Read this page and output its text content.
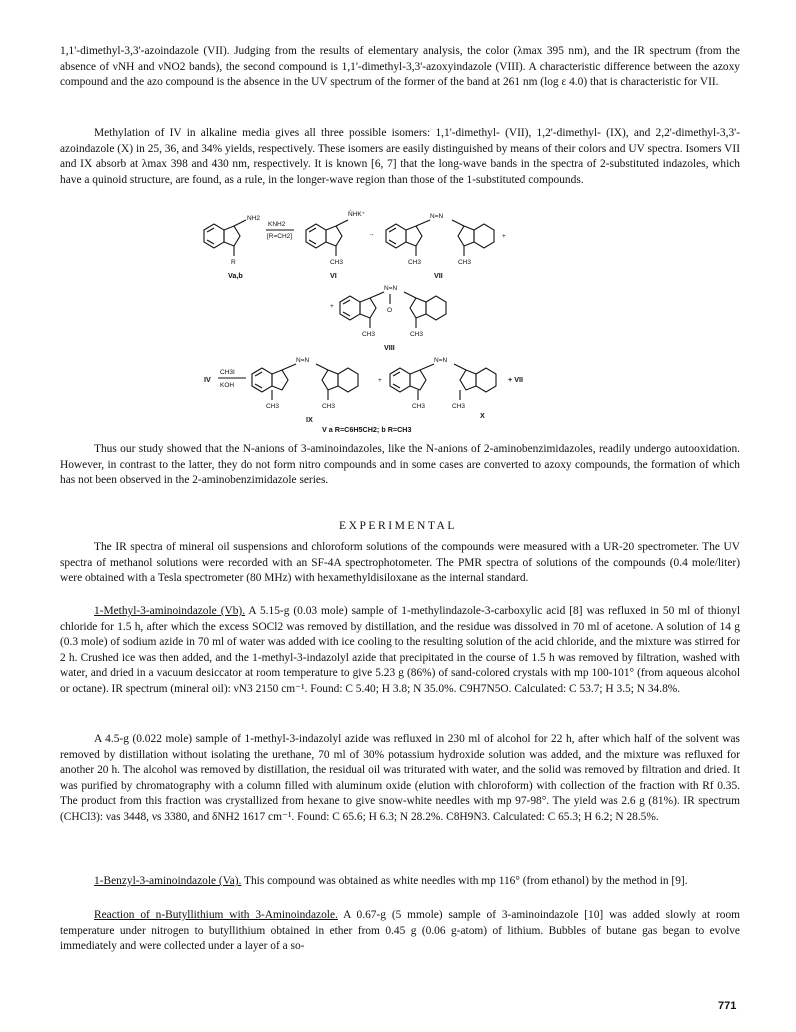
1,1'-dimethyl-3,3'-azoindazole (VII). Judging from the results of elementary analysis, the color (λmax 395 nm), and the IR spectrum (from the absence of νNH and νNO2 bands), the second compound is 1,1'-dimethyl-3,3'-azoxyindazole (VIII). A characteristic difference between the azoxy compound and the azo compound is the absence in the UV spectrum of the former of the band at 261 nm (log ε 4.0) that is characteristic for VII.

Methylation of IV in alkaline media gives all three possible isomers: 1,1'-dimethyl- (VII), 1,2'-dimethyl- (IX), and 2,2'-dimethyl-3,3'-azoindazole (X) in 25, 36, and 34% yields, respectively. These isomers are easily distinguished by means of their colors and UV spectra. Isomers VII and IX absorb at λmax 398 and 430 nm, respectively. It is known [6, 7] that the long-wave bands in the spectra of 2-substituted indazoles, which have a quinoid structure, are found, as a rule, in the longer-wave region than those of the 1-substituted compounds.

NH2
R
Va,b
KNH2
[R=CH2]
N̄HK⁺
CH3
VI
→
N=N
CH3	CH3
+
VII
+
N=N
O
CH3	CH3
VIII
IV
CH3I
KOH
N=N
CH3	CH3
IX
+
N=N
CH3	CH3
X
+ VII
V a R=C6H5CH2; b R=CH3

Thus our study showed that the N-anions of 3-aminoindazoles, like the N-anions of 2-aminobenzimidazoles, readily undergo autooxidation. However, in contrast to the latter, they do not form nitro compounds and in some cases are converted to azoxy compounds, the formation of which has not been observed in the 2-aminobenzimidazole series.

EXPERIMENTAL

The IR spectra of mineral oil suspensions and chloroform solutions of the compounds were measured with a UR-20 spectrometer. The UV spectra of methanol solutions were recorded with an SF-4A spectrophotometer. The PMR spectra of solutions of the compounds (0.4 mole/liter) were obtained with a Tesla spectrometer (80 MHz) with hexamethyldisiloxane as the internal standard.

1-Methyl-3-aminoindazole (Vb). A 5.15-g (0.03 mole) sample of 1-methylindazole-3-carboxylic acid [8] was refluxed in 50 ml of thionyl chloride for 1.5 h, after which the excess SOCl2 was removed by distillation, and the residue was dissolved in 70 ml of acetone. A solution of 14 g (0.3 mole) of sodium azide in 70 ml of water was added with ice cooling to the resulting solution of the acid chloride, and the mixture was stirred for 2 h. Crushed ice was then added, and the 1-methyl-3-indazolyl azide that precipitated in the course of 1.5 h was removed by filtration, washed with water, and dried in a vacuum desiccator at room temperature to give 5.23 g (86%) of sand-colored crystals with mp 100-101° (from aqueous alcohol or octane). IR spectrum (mineral oil): νN3 2150 cm⁻¹. Found: C 5.40; H 3.8; N 35.0%. C9H7N5O. Calculated: C 53.7; H 3.5; N 34.8%.

A 4.5-g (0.022 mole) sample of 1-methyl-3-indazolyl azide was refluxed in 230 ml of alcohol for 22 h, after which half of the solvent was removed by distillation without isolating the urethane, 70 ml of 30% potassium hydroxide solution was added, and the mixture was refluxed for another 20 h. The alcohol was removed by distillation, the residual oil was triturated with water, and the solid was removed by filtration and dried. It was purified by chromatography with a column filled with aluminum oxide (elution with chloroform) with collection of the fraction with Rf 0.35. The product from this fraction was crystallized from hexane to give snow-white needles with mp 97-98°. The yield was 2.6 g (81%). IR spectrum (CHCl3): νas 3448, νs 3380, and δNH2 1617 cm⁻¹. Found: C 65.6; H 6.3; N 28.2%. C8H9N3. Calculated: C 65.3; H 6.2; N 28.5%.

1-Benzyl-3-aminoindazole (Va). This compound was obtained as white needles with mp 116° (from ethanol) by the method in [9].

Reaction of n-Butyllithium with 3-Aminoindazole. A 0.67-g (5 mmole) sample of 3-aminoindazole [10] was added slowly at room temperature under nitrogen to butyllithium obtained in ether from 0.45 g (0.06 g-atom) of lithium. Bubbles of butane gas began to evolve immediately and were collected under a layer of a so-

771
